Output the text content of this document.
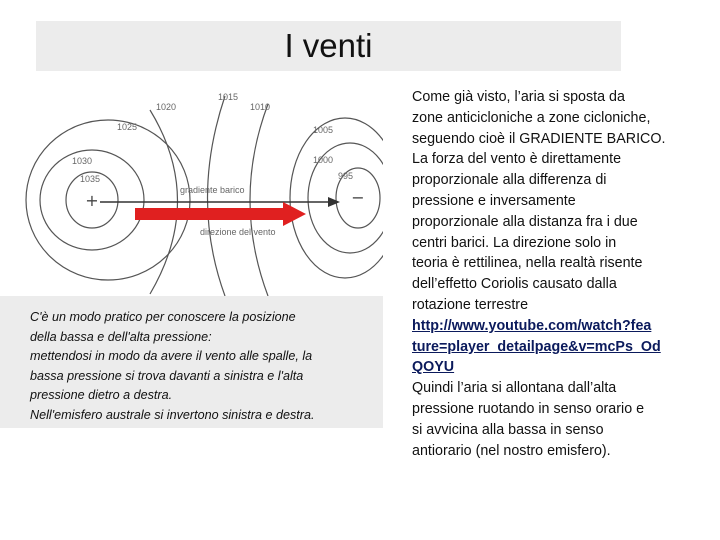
I venti
1015
1020	1010
1025	1005
1030	1000
1035	995
gradiente barico
direzione del vento
+	−
C'è un modo pratico per conoscere la posizione
della bassa e dell'alta pressione:
mettendosi in modo da avere il vento alle spalle, la
bassa pressione si trova davanti a sinistra e l'alta
pressione dietro a destra.
Nell'emisfero australe si invertono sinistra e destra.
Come già visto, l’aria si sposta da
zone anticicloniche a zone cicloniche,
seguendo cioè il GRADIENTE BARICO.
La forza del vento è direttamente
proporzionale alla differenza di
pressione e inversamente
proporzionale alla distanza fra i due
centri barici. La direzione solo in
teoria è rettilinea, nella realtà risente
dell’effetto Coriolis causato dalla
rotazione terrestre
http://www.youtube.com/watch?fea
ture=player_detailpage&v=mcPs_Od
QOYU
Quindi l’aria si allontana dall’alta
pressione ruotando in senso orario e
si avvicina alla bassa in senso
antiorario (nel nostro emisfero).
